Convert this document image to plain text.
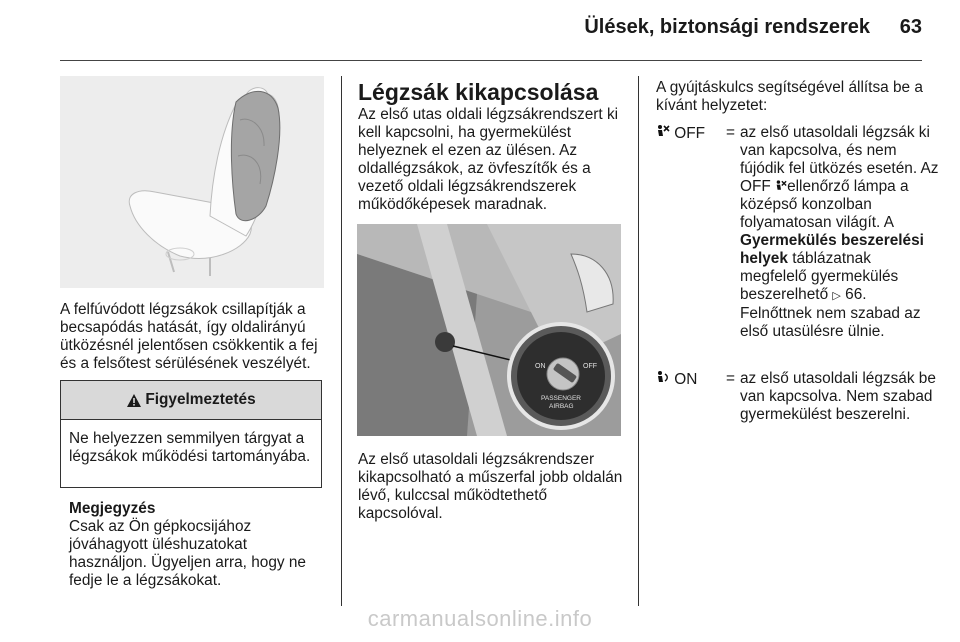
Ülések, biztonsági rendszerek	63
A felfúvódott légzsákok csillapítják a becsapódás hatását, így oldalirányú ütközésnél jelentősen csökkentik a fej és a felsőtest sérülésének veszélyét.
Figyelmeztetés
Ne helyezzen semmilyen tárgyat a légzsákok működési tartományába.
Megjegyzés
Csak az Ön gépkocsijához jóváhagyott üléshuzatokat használjon. Ügyeljen arra, hogy ne fedje le a légzsákokat.
Légzsák kikapcsolása
Az első utas oldali légzsákrendszert ki kell kapcsolni, ha gyermekülést helyeznek el ezen az ülésen. Az oldallégzsákok, az övfeszítők és a vezető oldali légzsákrendszerek működőképesek maradnak.
ON	OFF
PASSENGER
AIRBAG
Az első utasoldali légzsákrendszer kikapcsolható a műszerfal jobb oldalán lévő, kulccsal működtethető kapcsolóval.
A gyújtáskulcs segítségével állítsa be a kívánt helyzetet:
OFF = az első utasoldali légzsák ki van kapcsolva, és nem fújódik fel ütközés esetén. Az OFF ellenőrző lámpa a középső konzolban folyamatosan világít. A Gyermekülés beszerelési helyek táblázatnak megfelelő gyermekülés beszerelhető ▷ 66. Felnőttnek nem szabad az első utasülésre ülnie.
ON = az első utasoldali légzsák be van kapcsolva. Nem szabad gyermekülést beszerelni.
carmanualsonline.info
